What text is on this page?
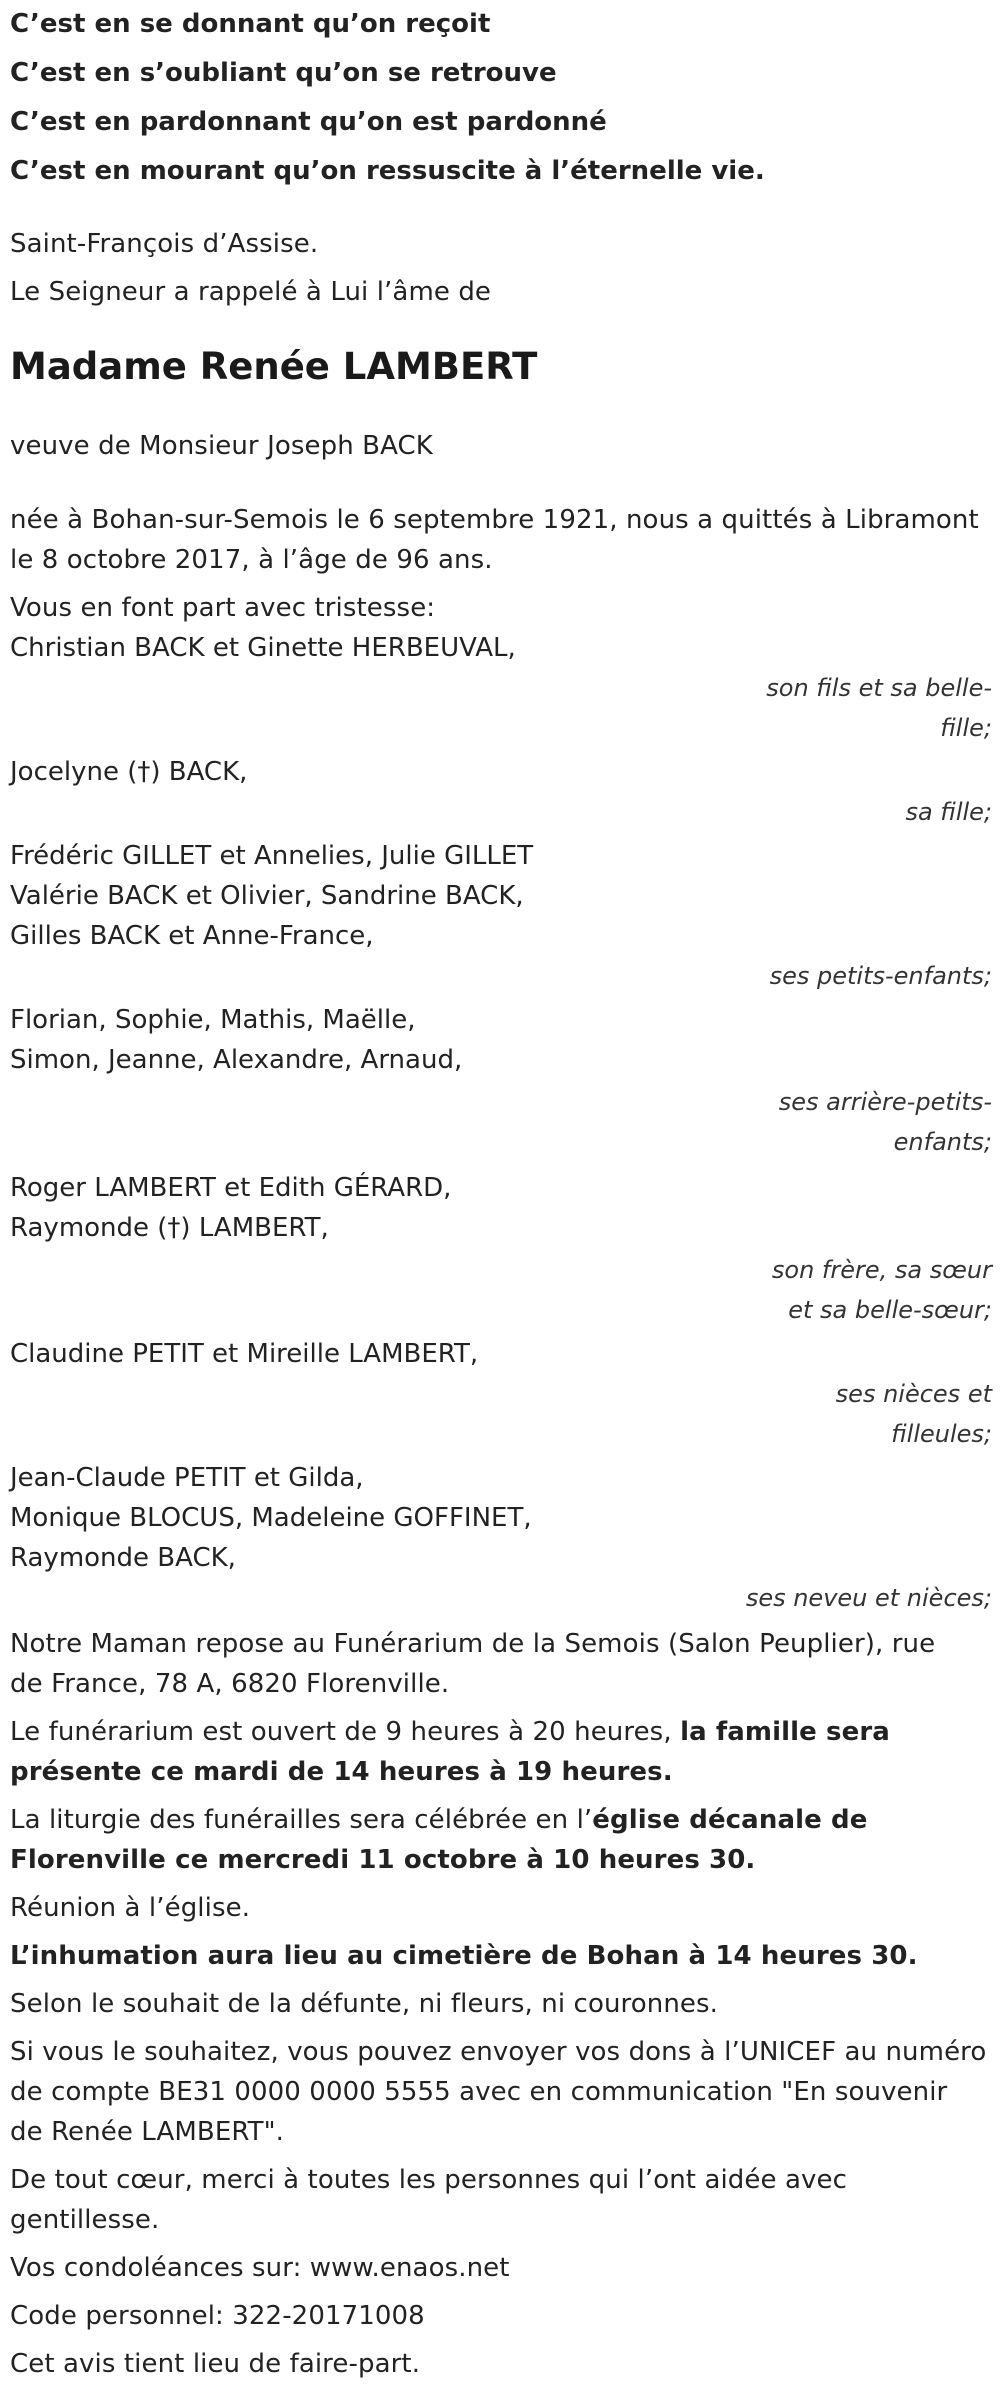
C’est en se donnant qu’on reçoit

C’est en s’oubliant qu’on se retrouve

C’est en pardonnant qu’on est pardonné

C’est en mourant qu’on ressuscite à l’éternelle vie.

Saint-François d’Assise.

Le Seigneur a rappelé à Lui l’âme de

Madame Renée LAMBERT

veuve de Monsieur Joseph BACK

née à Bohan-sur-Semois le 6 septembre 1921, nous a quittés à Libramont

le 8 octobre 2017, à l’âge de 96 ans.

Vous en font part avec tristesse:

Christian BACK et Ginette HERBEUVAL,

son fils et sa belle-

fille;

Jocelyne (†) BACK,

sa fille;

Frédéric GILLET et Annelies, Julie GILLET

Valérie BACK et Olivier, Sandrine BACK,

Gilles BACK et Anne-France,

ses petits-enfants;

Florian, Sophie, Mathis, Maëlle,

Simon, Jeanne, Alexandre, Arnaud,

ses arrière-petits-

enfants;

Roger LAMBERT et Edith GÉRARD,

Raymonde (†) LAMBERT,

son frère, sa sœur

et sa belle-sœur;

Claudine PETIT et Mireille LAMBERT,

ses nièces et

filleules;

Jean-Claude PETIT et Gilda,

Monique BLOCUS, Madeleine GOFFINET,

Raymonde BACK,

ses neveu et nièces;

Notre Maman repose au Funérarium de la Semois (Salon Peuplier), rue

de France, 78 A, 6820 Florenville.

Le funérarium est ouvert de 9 heures à 20 heures, la famille sera

présente ce mardi de 14 heures à 19 heures.

La liturgie des funérailles sera célébrée en l’église décanale de

Florenville ce mercredi 11 octobre à 10 heures 30.

Réunion à l’église.

L’inhumation aura lieu au cimetière de Bohan à 14 heures 30.

Selon le souhait de la défunte, ni fleurs, ni couronnes.

Si vous le souhaitez, vous pouvez envoyer vos dons à l’UNICEF au numéro

de compte BE31 0000 0000 5555 avec en communication "En souvenir

de Renée LAMBERT".

De tout cœur, merci à toutes les personnes qui l’ont aidée avec

gentillesse.

Vos condoléances sur: www.enaos.net

Code personnel: 322-20171008

Cet avis tient lieu de faire-part.
